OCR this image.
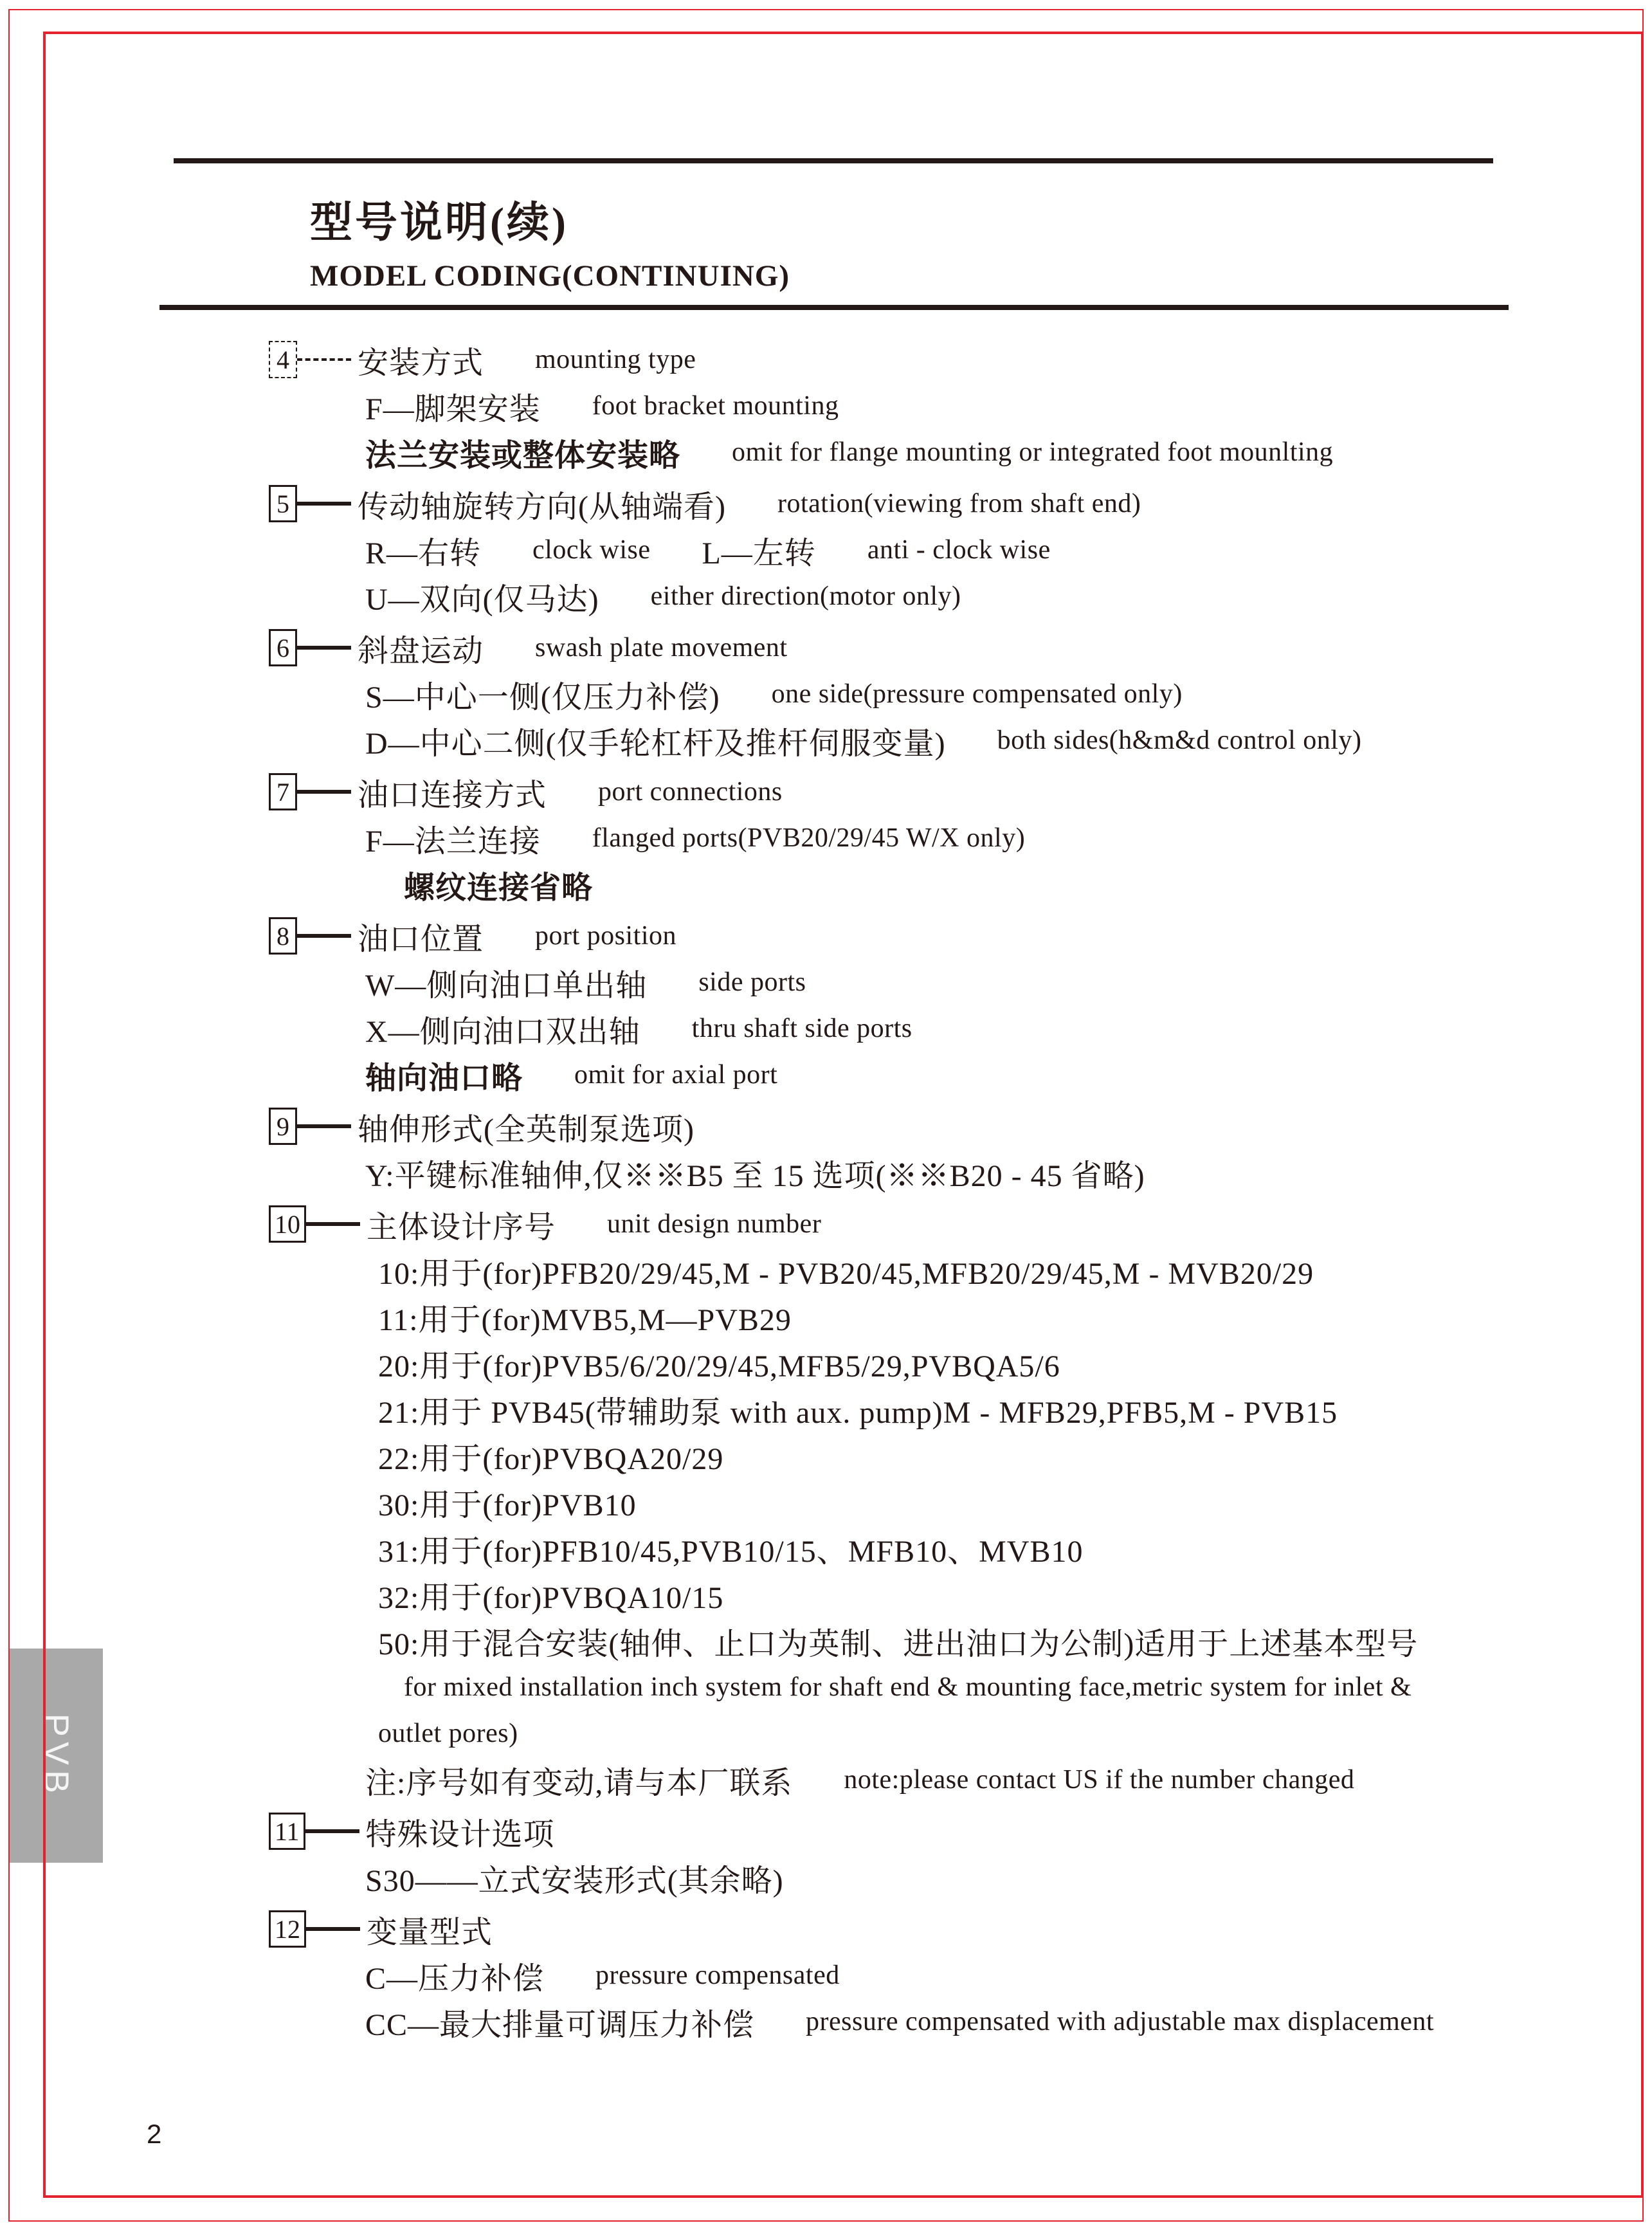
型号说明(续)
MODEL CODING(CONTINUING)
4 安装方式 mounting type
F—脚架安装 foot bracket mounting
法兰安装或整体安装略 omit for flange mounting or integrated foot mounlting
5 传动轴旋转方向(从轴端看) rotation(viewing from shaft end)
R—右转 clock wise L—左转 anti - clock wise
U—双向(仅马达) either direction(motor only)
6 斜盘运动 swash plate movement
S—中心一侧(仅压力补偿) one side(pressure compensated only)
D—中心二侧(仅手轮杠杆及推杆伺服变量) both sides(h&m&d control only)
7 油口连接方式 port connections
F—法兰连接 flanged ports(PVB20/29/45 W/X only)
螺纹连接省略
8 油口位置 port position
W—侧向油口单出轴 side ports
X—侧向油口双出轴 thru shaft side ports
轴向油口略 omit for axial port
9 轴伸形式(全英制泵选项)
Y:平键标准轴伸,仅※※B5 至 15 选项(※※B20 - 45 省略)
10 主体设计序号 unit design number
10:用于(for)PFB20/29/45,M - PVB20/45,MFB20/29/45,M - MVB20/29
11:用于(for)MVB5,M—PVB29
20:用于(for)PVB5/6/20/29/45,MFB5/29,PVBQA5/6
21:用于 PVB45(带辅助泵 with aux. pump)M - MFB29,PFB5,M - PVB15
22:用于(for)PVBQA20/29
30:用于(for)PVB10
31:用于(for)PFB10/45,PVB10/15、MFB10、MVB10
32:用于(for)PVBQA10/15
50:用于混合安装(轴伸、止口为英制、进出油口为公制)适用于上述基本型号
for mixed installation inch system for shaft end & mounting face,metric system for inlet &
outlet pores)
注:序号如有变动,请与本厂联系 note:please contact US if the number changed
11 特殊设计选项
S30——立式安装形式(其余略)
12 变量型式
C—压力补偿 pressure compensated
CC—最大排量可调压力补偿 pressure compensated with adjustable max displacement
PVB
2
